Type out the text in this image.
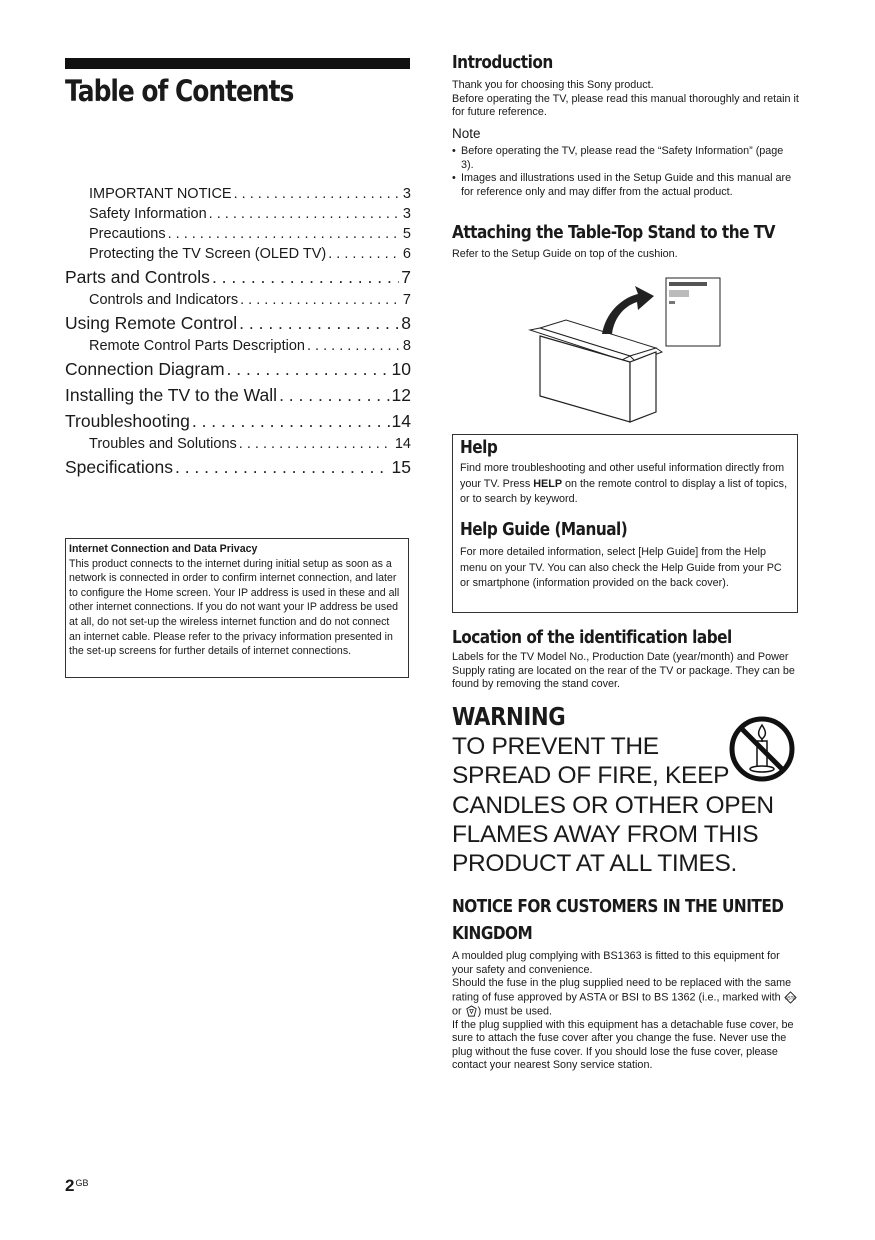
Table of Contents
IMPORTANT NOTICE . . .	3
Safety Information . . .	3
Precautions . . .	5
Protecting the TV Screen (OLED TV) . . .	6
Parts and Controls . . .	7
Controls and Indicators . . .	7
Using Remote Control . . .	8
Remote Control Parts Description . . .	8
Connection Diagram . . .	10
Installing the TV to the Wall . . .	12
Troubleshooting . . .	14
Troubles and Solutions . . .	14
Specifications . . .	15
Internet Connection and Data Privacy
This product connects to the internet during initial setup as soon as a network is connected in order to confirm internet connection, and later to configure the Home screen. Your IP address is used in these and all other internet connections. If you do not want your IP address be used at all, do not set-up the wireless internet function and do not connect an internet cable. Please refer to the privacy information presented in the set-up screens for further details of internet connections.
$2^{GB}$
Introduction
Thank you for choosing this Sony product.
Before operating the TV, please read this manual thoroughly and retain it for future reference.
Note
• Before operating the TV, please read the “Safety Information” (page 3).
• Images and illustrations used in the Setup Guide and this manual are for reference only and may differ from the actual product.
Attaching the Table-Top Stand to the TV
Refer to the Setup Guide on top of the cushion.
Help
Find more troubleshooting and other useful information directly from your TV. Press HELP on the remote control to display a list of topics, or to search by keyword.
Help Guide (Manual)
For more detailed information, select [Help Guide] from the Help menu on your TV. You can also check the Help Guide from your PC or smartphone (information provided on the back cover).
Location of the identification label
Labels for the TV Model No., Production Date (year/month) and Power Supply rating are located on the rear of the TV or package. They can be found by removing the stand cover.
WARNING
TO PREVENT THE
SPREAD OF FIRE, KEEP
CANDLES OR OTHER OPEN
FLAMES AWAY FROM THIS
PRODUCT AT ALL TIMES.
NOTICE FOR CUSTOMERS IN THE UNITED KINGDOM
A moulded plug complying with BS1363 is fitted to this equipment for your safety and convenience.
Should the fuse in the plug supplied need to be replaced with the same rating of fuse approved by ASTA or BSI to BS 1362 (i.e., marked with ASTA
or ) must be used.
If the plug supplied with this equipment has a detachable fuse cover, be sure to attach the fuse cover after you change the fuse. Never use the plug without the fuse cover. If you should lose the fuse cover, please contact your nearest Sony service station.
